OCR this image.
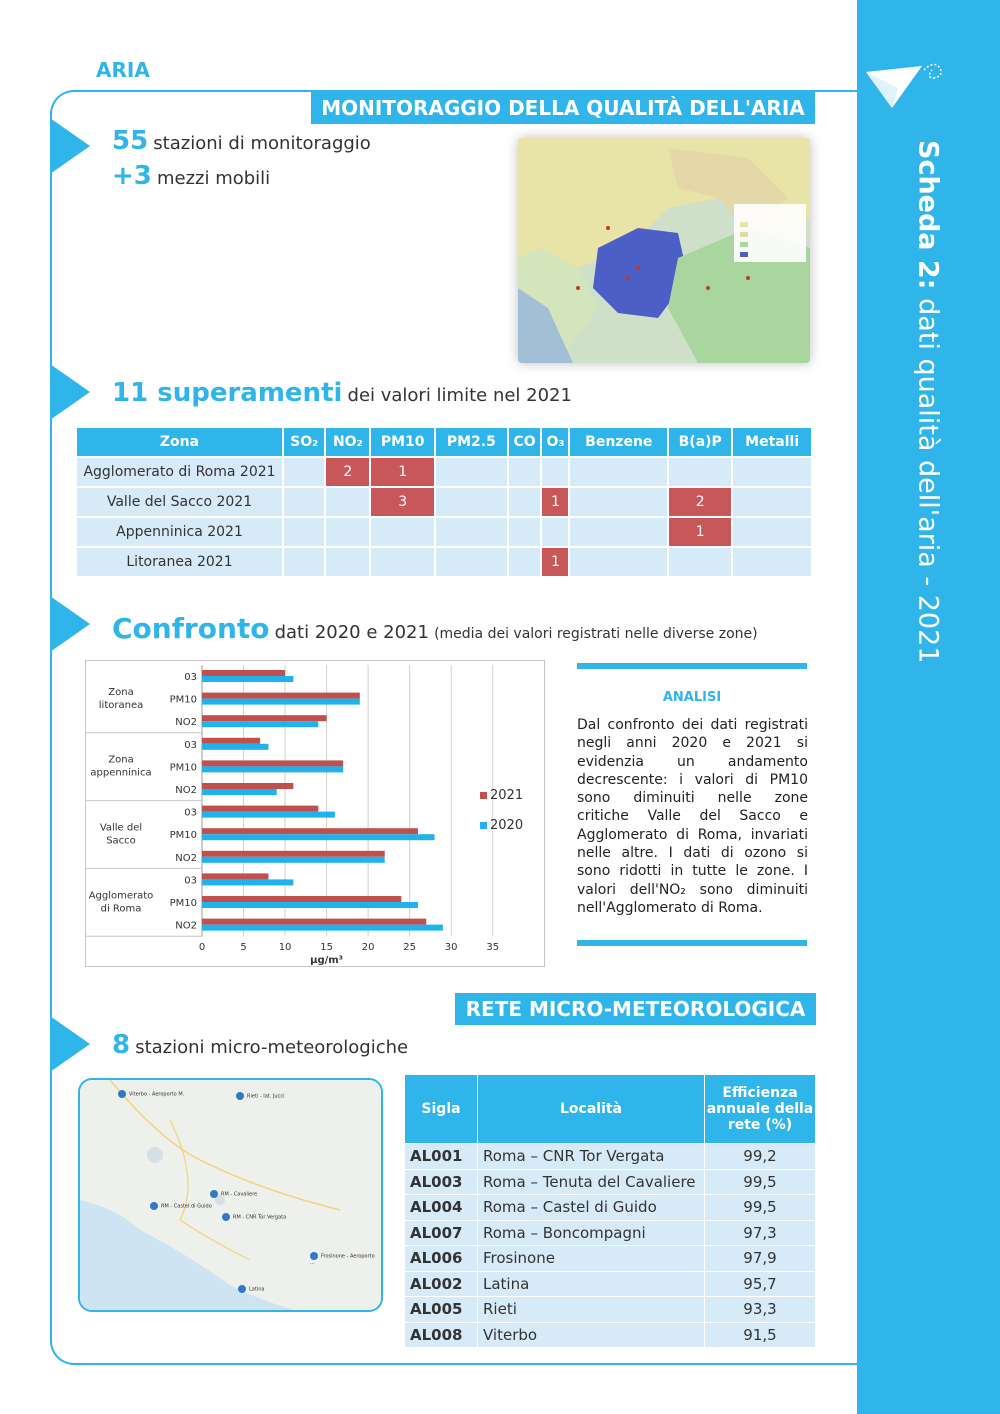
Scheda 2: dati qualità dell'aria - 2021
ARIA
MONITORAGGIO DELLA QUALITÀ DELL'ARIA
55 stazioni di monitoraggio
+3 mezzi mobili
11 superamenti dei valori limite nel 2021
Zona	SO₂	NO₂	PM10	PM2.5	CO	O₃	Benzene	B(a)P	Metalli
Agglomerato di Roma 2021		2	1						
Valle del Sacco 2021			3			1		2	
Appenninica 2021								1	
Litoranea 2021						1			
Confronto dati 2020 e 2021 (media dei valori registrati nelle diverse zone)
0	5	10	15	20	25	30	35
µg/m³
Zona
litoranea
03
PM10
NO2
Zona
appenninica
03
PM10
NO2
Valle del
Sacco
03
PM10
NO2
Agglomerato
di Roma
03
PM10
NO2
2021
2020
ANALISI
Dal confronto dei dati registrati negli anni 2020 e 2021 si evidenzia un andamento decrescente: i valori di PM10 sono diminuiti nelle zone critiche Valle del Sacco e Agglomerato di Roma, invariati nelle altre. I dati di ozono si sono ridotti in tutte le zone. I valori dell'NO₂ sono diminuiti nell'Agglomerato di Roma.
RETE MICRO-METEOROLOGICA
8 stazioni micro-meteorologiche
Viterbo - Aeroporto M.	Rieti - Iat. Jucci
RM - Cavaliere
RM - Castel di Guido
RM - CNR Tor Vergata
Frosinone - Aeroporto ...
Latina
Sigla	Località	Efficienza annuale della rete (%)
AL001	Roma – CNR Tor Vergata	99,2
AL003	Roma – Tenuta del Cavaliere	99,5
AL004	Roma – Castel di Guido	99,5
AL007	Roma – Boncompagni	97,3
AL006	Frosinone	97,9
AL002	Latina	95,7
AL005	Rieti	93,3
AL008	Viterbo	91,5
